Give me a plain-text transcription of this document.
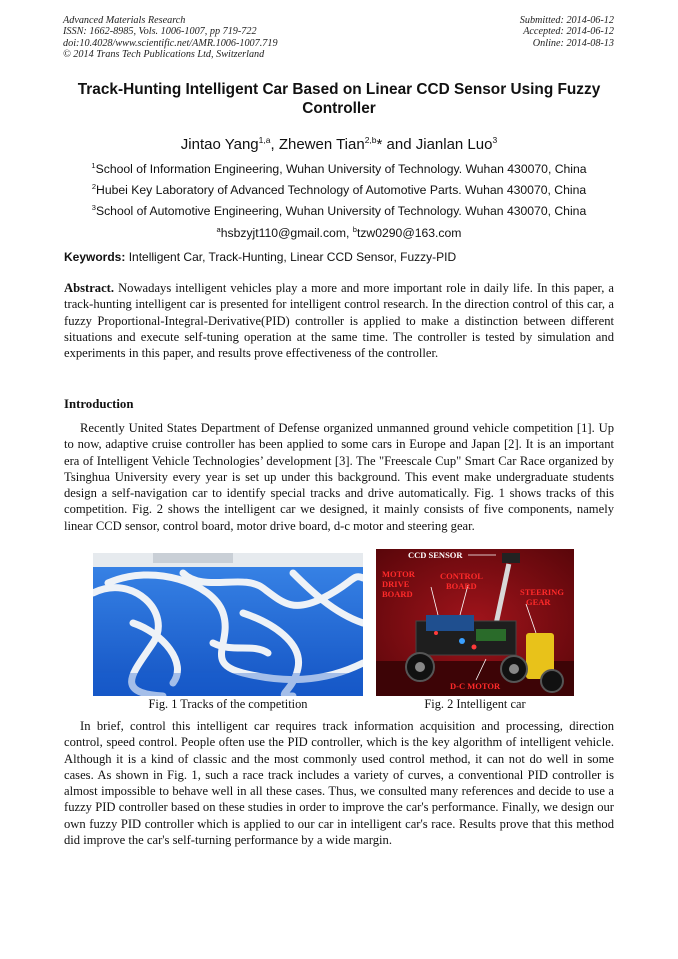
Advanced Materials Research
ISSN: 1662-8985, Vols. 1006-1007, pp 719-722
doi:10.4028/www.scientific.net/AMR.1006-1007.719
© 2014 Trans Tech Publications Ltd, Switzerland
Submitted: 2014-06-12
Accepted: 2014-06-12
Online: 2014-08-13
Track-Hunting Intelligent Car Based on Linear CCD Sensor Using Fuzzy Controller
Jintao Yang$^{1,a}$, Zhewen Tian$^{2,b}$* and Jianlan Luo$^3$
$^1$School of Information Engineering, Wuhan University of Technology. Wuhan 430070, China
$^2$Hubei Key Laboratory of Advanced Technology of Automotive Parts. Wuhan 430070, China
$^3$School of Automotive Engineering, Wuhan University of Technology. Wuhan 430070, China
$^a$hsbzyjt110@gmail.com, $^b$tzw0290@163.com
Keywords: Intelligent Car, Track-Hunting, Linear CCD Sensor, Fuzzy-PID
Abstract. Nowadays intelligent vehicles play a more and more important role in daily life. In this paper, a track-hunting intelligent car is presented for intelligent control research. In the direction control of this car, a fuzzy Proportional-Integral-Derivative(PID) controller is applied to make a distinction between different situations and execute self-tuning operation at the same time. The controller is tested by simulation and experiments in this paper, and results prove effectiveness of the controller.
Introduction
Recently United States Department of Defense organized unmanned ground vehicle competition [1]. Up to now, adaptive cruise controller has been applied to some cars in Europe and Japan [2]. It is an important era of Intelligent Vehicle Technologies’ development [3]. The "Freescale Cup" Smart Car Race organized by Tsinghua University every year is set up under this background. This event make undergraduate students design a self-navigation car to identify special tracks and drive automatically. Fig. 1 shows tracks of this competition. Fig. 2 shows the intelligent car we designed, it mainly consists of five components, namely linear CCD sensor, control board, motor drive board, d-c motor and steering gear.
Fig. 1 Tracks of the competition
CCD SENSOR
MOTOR
DRIVE
BOARD
CONTROL
BOARD
STEERING
GEAR
D-C MOTOR
Fig. 2 Intelligent car
In brief, control this intelligent car requires track information acquisition and processing, direction control, speed control. People often use the PID controller, which is the key algorithm of intelligent vehicle. Although it is a kind of classic and the most commonly used control method, it can not do well in some cases. As shown in Fig. 1, such a race track includes a variety of curves, a conventional PID controller is almost impossible to behave well in all these cases. Thus, we consulted many references and decide to use a fuzzy PID controller based on these studies in order to improve the car's performance. Finally, we design our own fuzzy PID controller which is applied to our car in intelligent car's race. Results prove that this method did improve the car's self-turning performance by a wide margin.
